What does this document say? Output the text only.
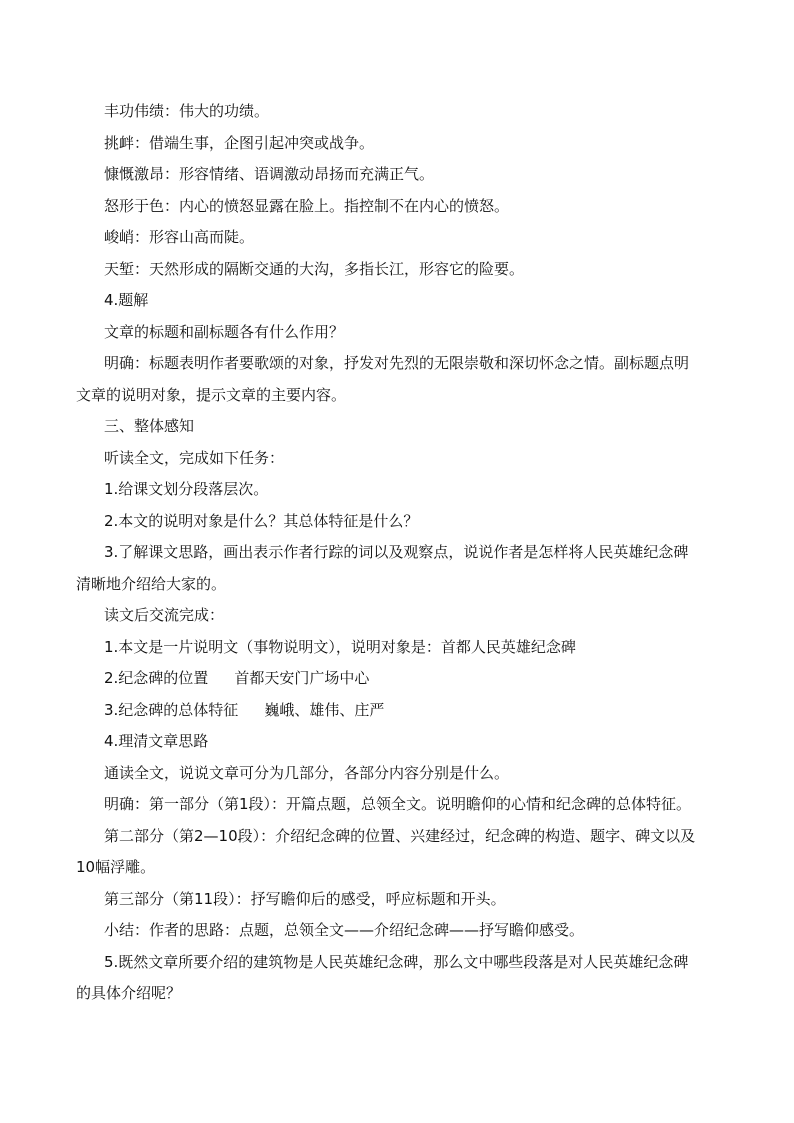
丰功伟绩：伟大的功绩。
挑衅：借端生事，企图引起冲突或战争。
慷慨激昂：形容情绪、语调激动昂扬而充满正气。
怒形于色：内心的愤怒显露在脸上。指控制不在内心的愤怒。
峻峭：形容山高而陡。
天堑：天然形成的隔断交通的大沟，多指长江，形容它的险要。
4.题解
文章的标题和副标题各有什么作用？
明确：标题表明作者要歌颂的对象，抒发对先烈的无限崇敬和深切怀念之情。副标题点明
文章的说明对象，提示文章的主要内容。
三、整体感知
听读全文，完成如下任务：
1.给课文划分段落层次。
2.本文的说明对象是什么？其总体特征是什么？
3.了解课文思路，画出表示作者行踪的词以及观察点，说说作者是怎样将人民英雄纪念碑
清晰地介绍给大家的。
读文后交流完成：
1.本文是一片说明文（事物说明文），说明对象是：首都人民英雄纪念碑
2.纪念碑的位置 首都天安门广场中心
3.纪念碑的总体特征 巍峨、雄伟、庄严
4.理清文章思路
通读全文，说说文章可分为几部分，各部分内容分别是什么。
明确：第一部分（第1段）：开篇点题，总领全文。说明瞻仰的心情和纪念碑的总体特征。
第二部分（第2—10段）：介绍纪念碑的位置、兴建经过，纪念碑的构造、题字、碑文以及
10幅浮雕。
第三部分（第11段）：抒写瞻仰后的感受，呼应标题和开头。
小结：作者的思路：点题，总领全文——介绍纪念碑——抒写瞻仰感受。
5.既然文章所要介绍的建筑物是人民英雄纪念碑，那么文中哪些段落是对人民英雄纪念碑
的具体介绍呢？
